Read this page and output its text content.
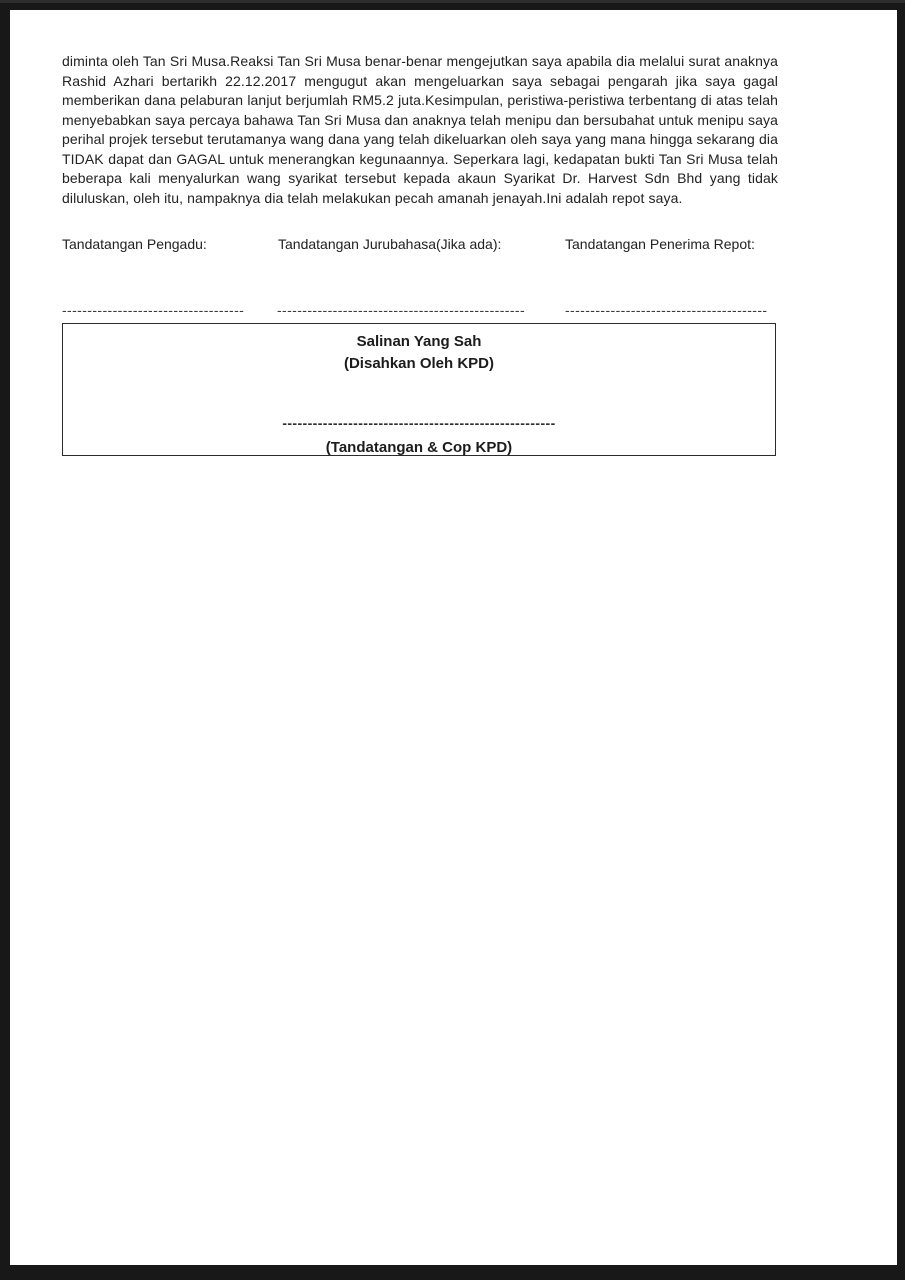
diminta oleh Tan Sri Musa.Reaksi Tan Sri Musa benar-benar mengejutkan saya apabila dia melalui surat anaknya Rashid Azhari bertarikh 22.12.2017 mengugut akan mengeluarkan saya sebagai pengarah jika saya gagal memberikan dana pelaburan lanjut berjumlah RM5.2 juta.Kesimpulan, peristiwa-peristiwa terbentang di atas telah menyebabkan saya percaya bahawa Tan Sri Musa dan anaknya telah menipu dan bersubahat untuk menipu saya perihal projek tersebut terutamanya wang dana yang telah dikeluarkan oleh saya yang mana hingga sekarang dia TIDAK dapat dan GAGAL untuk menerangkan kegunaannya. Seperkara lagi, kedapatan bukti Tan Sri Musa telah beberapa kali menyalurkan wang syarikat tersebut kepada akaun Syarikat Dr. Harvest Sdn Bhd yang tidak diluluskan, oleh itu, nampaknya dia telah melakukan pecah amanah jenayah.Ini adalah repot saya.
Tandatangan Pengadu:	Tandatangan Jurubahasa(Jika ada):	Tandatangan Penerima Repot:
------------------------------------ -------------------------------------------------	----------------------------------------
Salinan Yang Sah
(Disahkan Oleh KPD)
------------------------------------------------------
(Tandatangan & Cop KPD)
